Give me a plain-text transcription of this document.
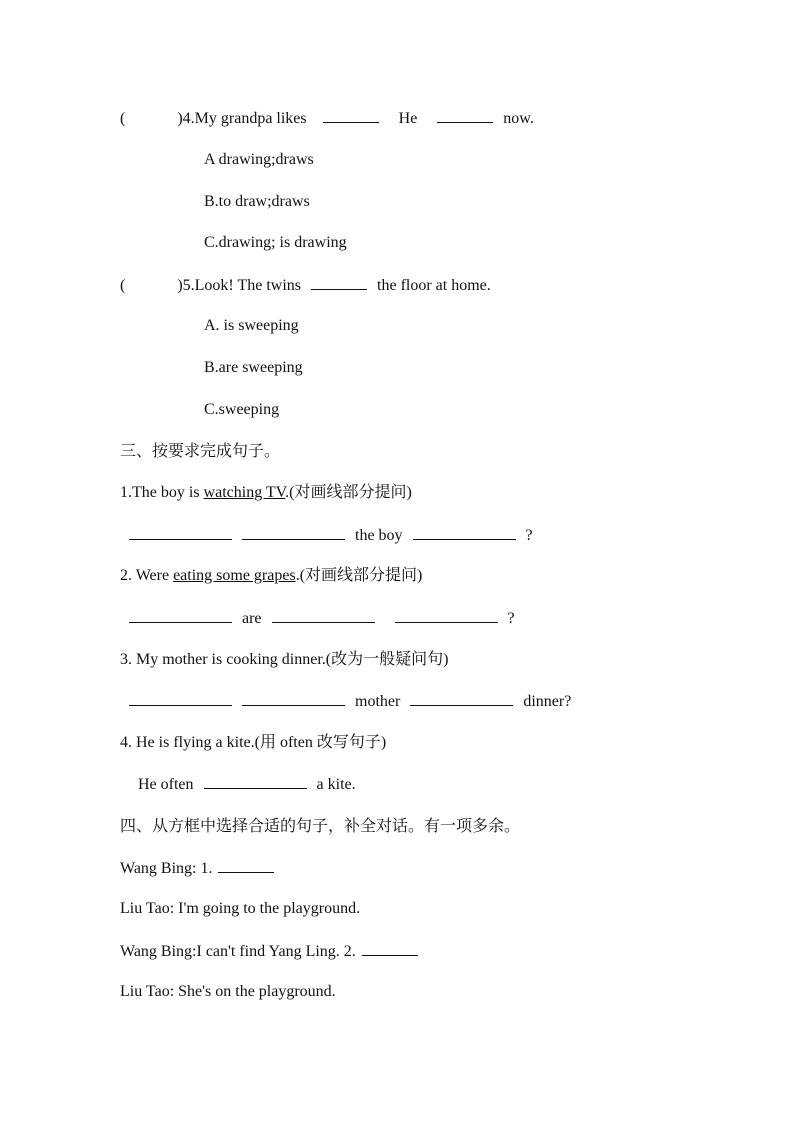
(	)4.My grandpa likes	He	now.
A drawing;draws
B.to draw;draws
C.drawing; is drawing
(	)5.Look! The twins	the floor at home.
A. is sweeping
B.are sweeping
C.sweeping
三、按要求完成句子。
1.The boy is watching TV.(对画线部分提问)
the boy	?
2. Were eating some grapes.(对画线部分提问)
are	?
3. My mother is cooking dinner.(改为一般疑问句)
mother	dinner?
4. He is flying a kite.(用 often 改写句子)
He often	a kite.
四、从方框中选择合适的句子，补全对话。有一项多余。
Wang Bing: 1.
Liu Tao: I'm going to the playground.
Wang Bing:I can't find Yang Ling. 2.
Liu Tao: She's on the playground.
